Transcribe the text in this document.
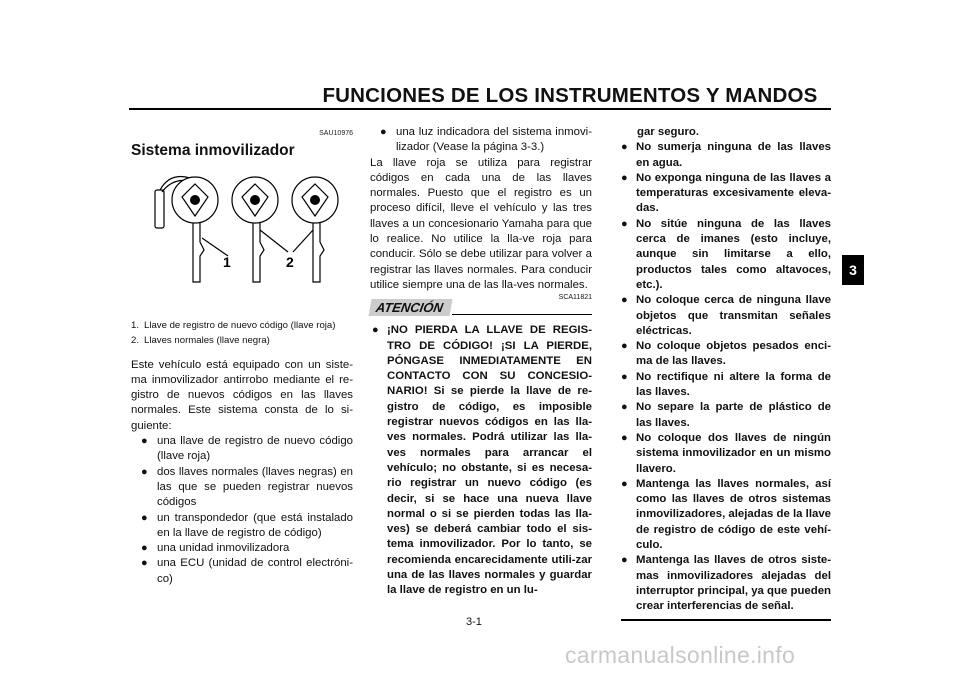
FUNCIONES DE LOS INSTRUMENTOS Y MANDOS
3
SAU10976
Sistema inmovilizador
1. Llave de registro de nuevo código (llave roja)
2. Llaves normales (llave negra)
Este vehículo está equipado con un siste-ma inmovilizador antirrobo mediante el re-gistro de nuevos códigos en las llaves normales. Este sistema consta de lo si-guiente:
● una llave de registro de nuevo código (llave roja)
● dos llaves normales (llaves negras) en las que se pueden registrar nuevos códigos
● un transpondedor (que está instalado en la llave de registro de código)
● una unidad inmovilizadora
● una ECU (unidad de control electróni-co)
1	2
● una luz indicadora del sistema inmovi-lizador (Vease la página 3-3.)
La llave roja se utiliza para registrar códigos en cada una de las llaves normales. Puesto que el registro es un proceso difícil, lleve el vehículo y las tres llaves a un concesionario Yamaha para que lo realice. No utilice la lla-ve roja para conducir. Sólo se debe utilizar para volver a registrar las llaves normales. Para conducir utilice siempre una de las lla-ves normales.
SCA11821
ATENCIÓN
● ¡NO PIERDA LA LLAVE DE REGIS-TRO DE CÓDIGO! ¡SI LA PIERDE, PÓNGASE INMEDIATAMENTE EN CONTACTO CON SU CONCESIO-NARIO! Si se pierde la llave de re-gistro de código, es imposible registrar nuevos códigos en las lla-ves normales. Podrá utilizar las lla-ves normales para arrancar el vehículo; no obstante, si es necesa-rio registrar un nuevo código (es decir, si se hace una nueva llave normal o si se pierden todas las lla-ves) se deberá cambiar todo el sis-tema inmovilizador. Por lo tanto, se recomienda encarecidamente utili-zar una de las llaves normales y guardar la llave de registro en un lu-
gar seguro.
● No sumerja ninguna de las llaves en agua.
● No exponga ninguna de las llaves a temperaturas excesivamente eleva-das.
● No sitúe ninguna de las llaves cerca de imanes (esto incluye, aunque sin limitarse a ello, productos tales como altavoces, etc.).
● No coloque cerca de ninguna llave objetos que transmitan señales eléctricas.
● No coloque objetos pesados enci-ma de las llaves.
● No rectifique ni altere la forma de las llaves.
● No separe la parte de plástico de las llaves.
● No coloque dos llaves de ningún sistema inmovilizador en un mismo llavero.
● Mantenga las llaves normales, así como las llaves de otros sistemas inmovilizadores, alejadas de la llave de registro de código de este vehí-culo.
● Mantenga las llaves de otros siste-mas inmovilizadores alejadas del interruptor principal, ya que pueden crear interferencias de señal.
3-1
carmanualsonline.info
